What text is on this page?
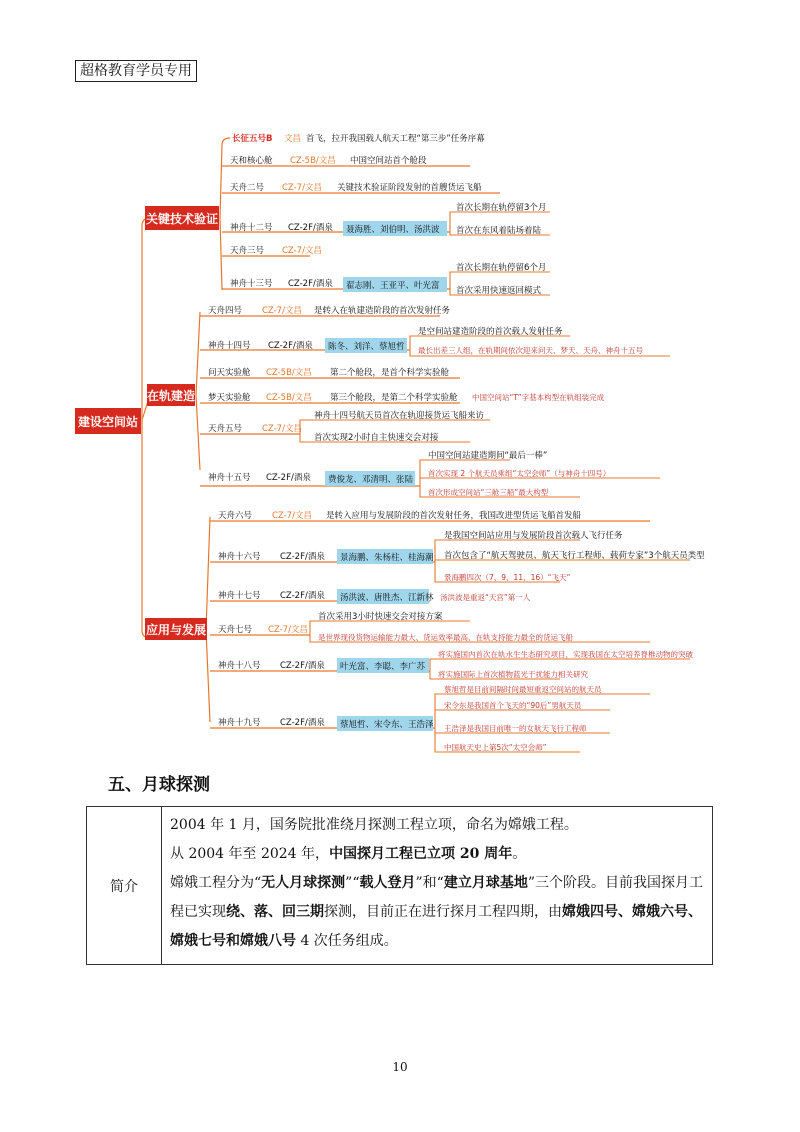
超格教育学员专用
建设空间站
关键技术验证
在轨建造
应用与发展
长征五号B 文昌 首飞，拉开我国载人航天工程“第三步”任务序幕
天和核心舱 CZ-5B/文昌 中国空间站首个舱段
天舟二号 CZ-7/文昌 关键技术验证阶段发射的首艘货运飞船
神舟十二号 CZ-2F/酒泉 聂海胜、刘伯明、汤洪波
首次长期在轨停留3个月
首次在东风着陆场着陆
天舟三号 CZ-7/文昌
神舟十三号 CZ-2F/酒泉 翟志刚、王亚平、叶光富
首次长期在轨停留6个月
首次采用快速返回模式
天舟四号 CZ-7/文昌 是转入在轨建造阶段的首次发射任务
神舟十四号 CZ-2F/酒泉 陈冬、刘洋、蔡旭哲
是空间站建造阶段的首次载人发射任务
最长出差三人组，在轨期间依次迎来问天、梦天、天舟、神舟十五号
问天实验舱 CZ-5B/文昌 第二个舱段，是首个科学实验舱
梦天实验舱 CZ-5B/文昌 第三个舱段，是第二个科学实验舱 中国空间站“T”字基本构型在轨组装完成
天舟五号 CZ-7/文昌
神舟十四号航天员首次在轨迎接货运飞船来访
首次实现2小时自主快速交会对接
神舟十五号 CZ-2F/酒泉 费俊龙、邓清明、张陆
中国空间站建造期间“最后一棒”
首次实现 2 个航天员乘组“太空会师”（与神舟十四号）
首次形成空间站“三舱三船”最大构型
天舟六号 CZ-7/文昌 是转入应用与发展阶段的首次发射任务，我国改进型货运飞船首发船
神舟十六号 CZ-2F/酒泉 景海鹏、朱杨柱、桂海潮
是我国空间站应用与发展阶段首次载人飞行任务
首次包含了“航天驾驶员、航天飞行工程师、载荷专家”3个航天员类型
景海鹏四次（7、9、11、16）“飞天”
神舟十七号 CZ-2F/酒泉 汤洪波、唐胜杰、江新林 汤洪波是重返“天宫”第一人
天舟七号 CZ-7/文昌
首次采用3小时快速交会对接方案
是世界现役货物运输能力最大、货运效率最高、在轨支持能力最全的货运飞船
神舟十八号 CZ-2F/酒泉 叶光富、李聪、李广苏
将实施国内首次在轨水生生态研究项目，实现我国在太空培养脊椎动物的突破
将实施国际上首次植物蓝光干扰能力相关研究
神舟十九号 CZ-2F/酒泉 蔡旭哲、宋令东、王浩泽
蔡旭哲是目前间隔时间最短重返空间站的航天员
宋令东是我国首个飞天的“90后”男航天员
王浩泽是我国目前唯一的女航天飞行工程师
中国航天史上第5次“太空会师”
五、月球探测
简介	
2004 年 1 月，国务院批准绕月探测工程立项，命名为嫦娥工程。
从 2004 年至 2024 年，中国探月工程已立项 20 周年。
嫦娥工程分为“无人月球探测”“载人登月”和“建立月球基地”三个阶段。目前我国探月工程已实现绕、落、回三期探测，目前正在进行探月工程四期，由嫦娥四号、嫦娥六号、嫦娥七号和嫦娥八号 4 次任务组成。
10
